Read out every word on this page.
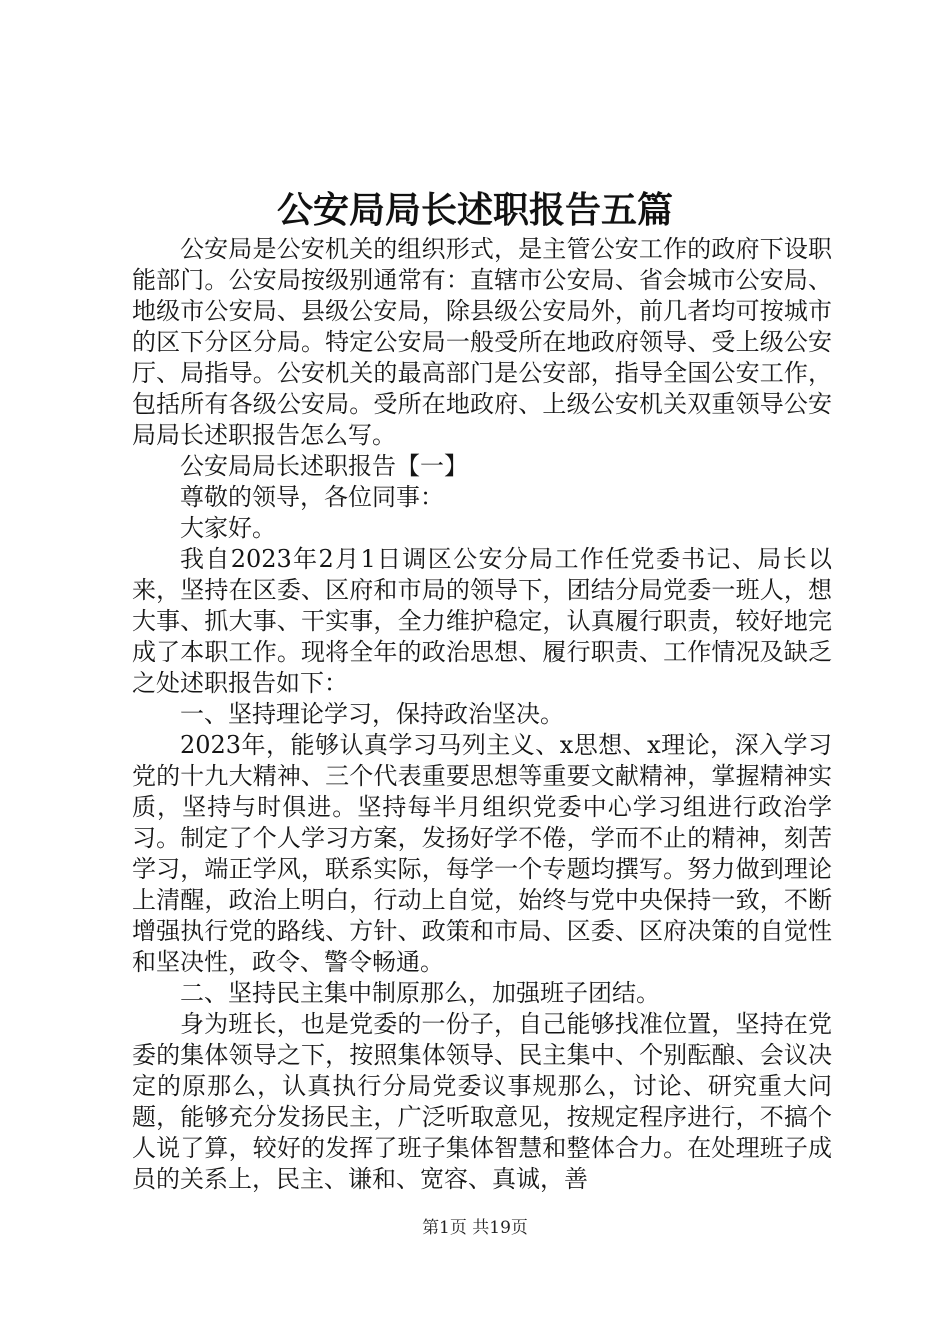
公安局局长述职报告五篇

公安局是公安机关的组织形式，是主管公安工作的政府下设职能部门。公安局按级别通常有：直辖市公安局、省会城市公安局、地级市公安局、县级公安局，除县级公安局外，前几者均可按城市的区下分区分局。特定公安局一般受所在地政府领导、受上级公安厅、局指导。公安机关的最高部门是公安部，指导全国公安工作，包括所有各级公安局。受所在地政府、上级公安机关双重领导公安局局长述职报告怎么写。

公安局局长述职报告【一】

尊敬的领导，各位同事：

大家好。

我自2023年2月1日调区公安分局工作任党委书记、局长以来，坚持在区委、区府和市局的领导下，团结分局党委一班人，想大事、抓大事、干实事，全力维护稳定，认真履行职责，较好地完成了本职工作。现将全年的政治思想、履行职责、工作情况及缺乏之处述职报告如下：

一、坚持理论学习，保持政治坚决。

2023年，能够认真学习马列主义、x思想、x理论，深入学习党的十九大精神、三个代表重要思想等重要文献精神，掌握精神实质，坚持与时俱进。坚持每半月组织党委中心学习组进行政治学习。制定了个人学习方案，发扬好学不倦，学而不止的精神，刻苦学习，端正学风，联系实际，每学一个专题均撰写。努力做到理论上清醒，政治上明白，行动上自觉，始终与党中央保持一致，不断增强执行党的路线、方针、政策和市局、区委、区府决策的自觉性和坚决性，政令、警令畅通。

二、坚持民主集中制原那么，加强班子团结。

身为班长，也是党委的一份子，自己能够找准位置，坚持在党委的集体领导之下，按照集体领导、民主集中、个别酝酿、会议决定的原那么，认真执行分局党委议事规那么，讨论、研究重大问题，能够充分发扬民主，广泛听取意见，按规定程序进行，不搞个人说了算，较好的发挥了班子集体智慧和整体合力。在处理班子成员的关系上，民主、谦和、宽容、真诚，善

第1页 共19页
